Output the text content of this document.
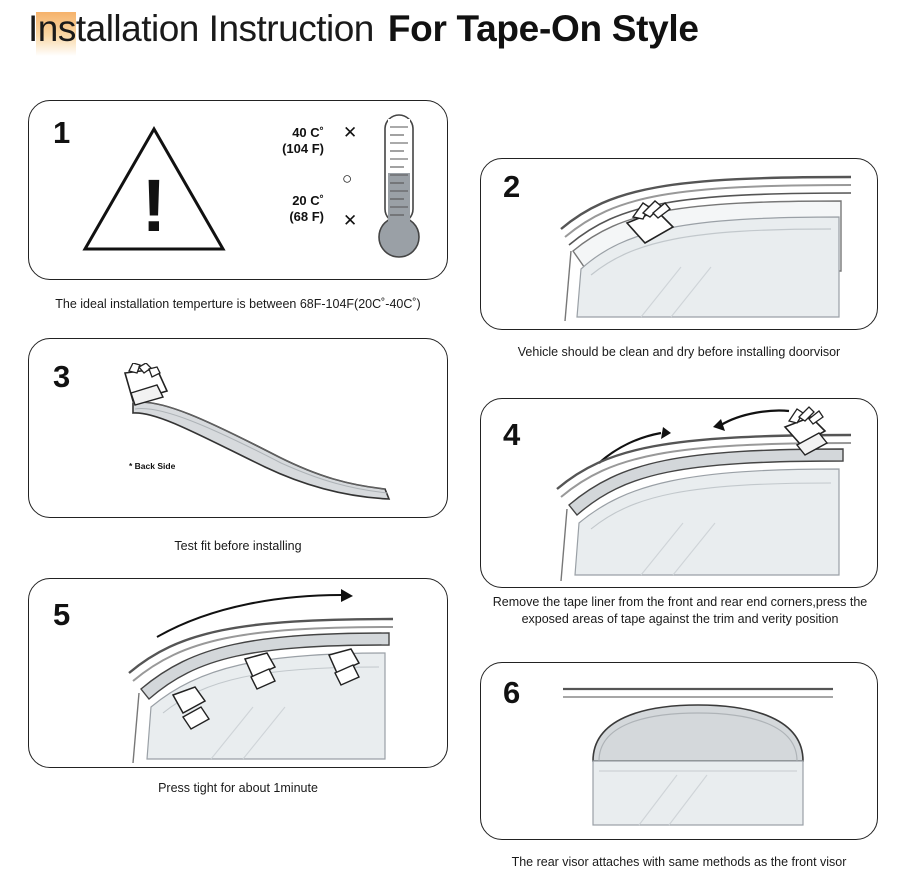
Installation Instruction For Tape-On Style
1
!
40 C˚
(104 F)
✕
○
20 C˚
(68 F) ✕
The ideal installation temperture is between 68F-104F(20C˚-40C˚)
2
Vehicle should be clean and dry before installing doorvisor
3
* Back Side
Test fit before installing
4
Remove the tape liner from the front and rear end corners,press the exposed areas of tape against the trim and verity position
5
Press tight for about 1minute
6
The rear visor attaches with same methods as the front visor
